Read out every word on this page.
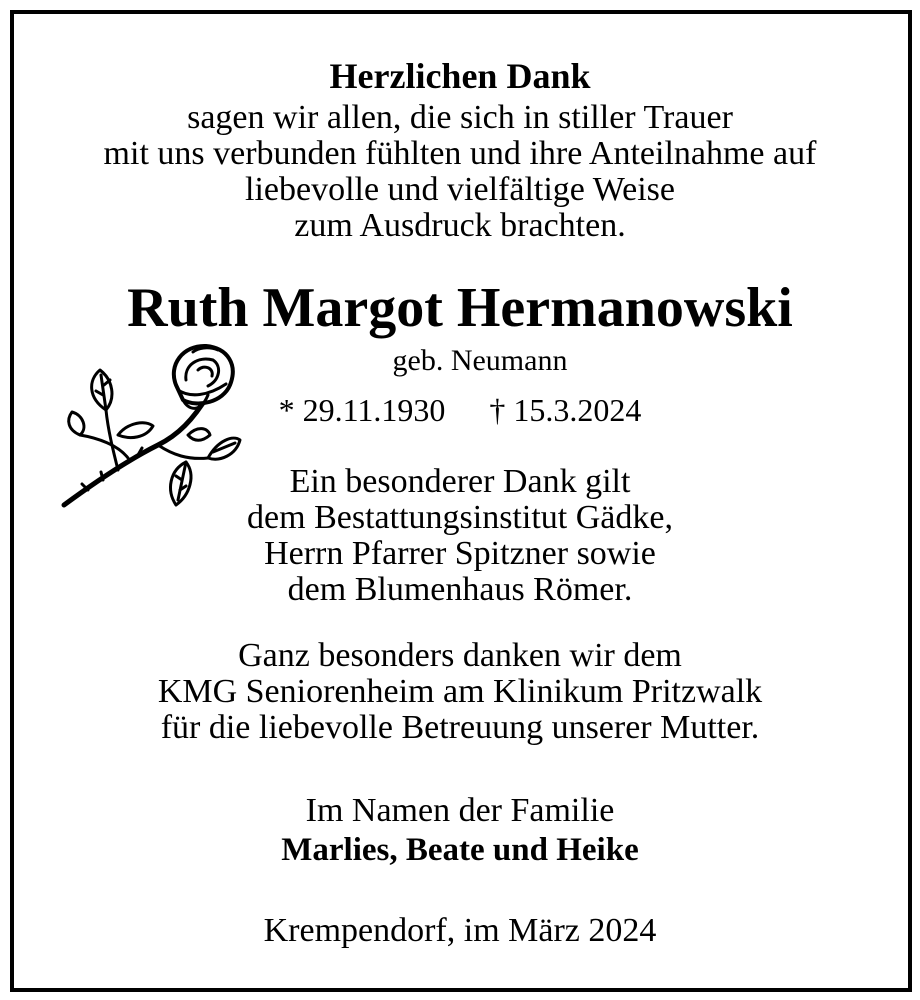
Herzlichen Dank
sagen wir allen, die sich in stiller Trauer
mit uns verbunden fühlten und ihre Anteilnahme auf
liebevolle und vielfältige Weise
zum Ausdruck brachten.
Ruth Margot Hermanowski
geb. Neumann
* 29.11.1930 † 15.3.2024
Ein besonderer Dank gilt
dem Bestattungsinstitut Gädke,
Herrn Pfarrer Spitzner sowie
dem Blumenhaus Römer.
Ganz besonders danken wir dem
KMG Seniorenheim am Klinikum Pritzwalk
für die liebevolle Betreuung unserer Mutter.
Im Namen der Familie
Marlies, Beate und Heike
Krempendorf, im März 2024
